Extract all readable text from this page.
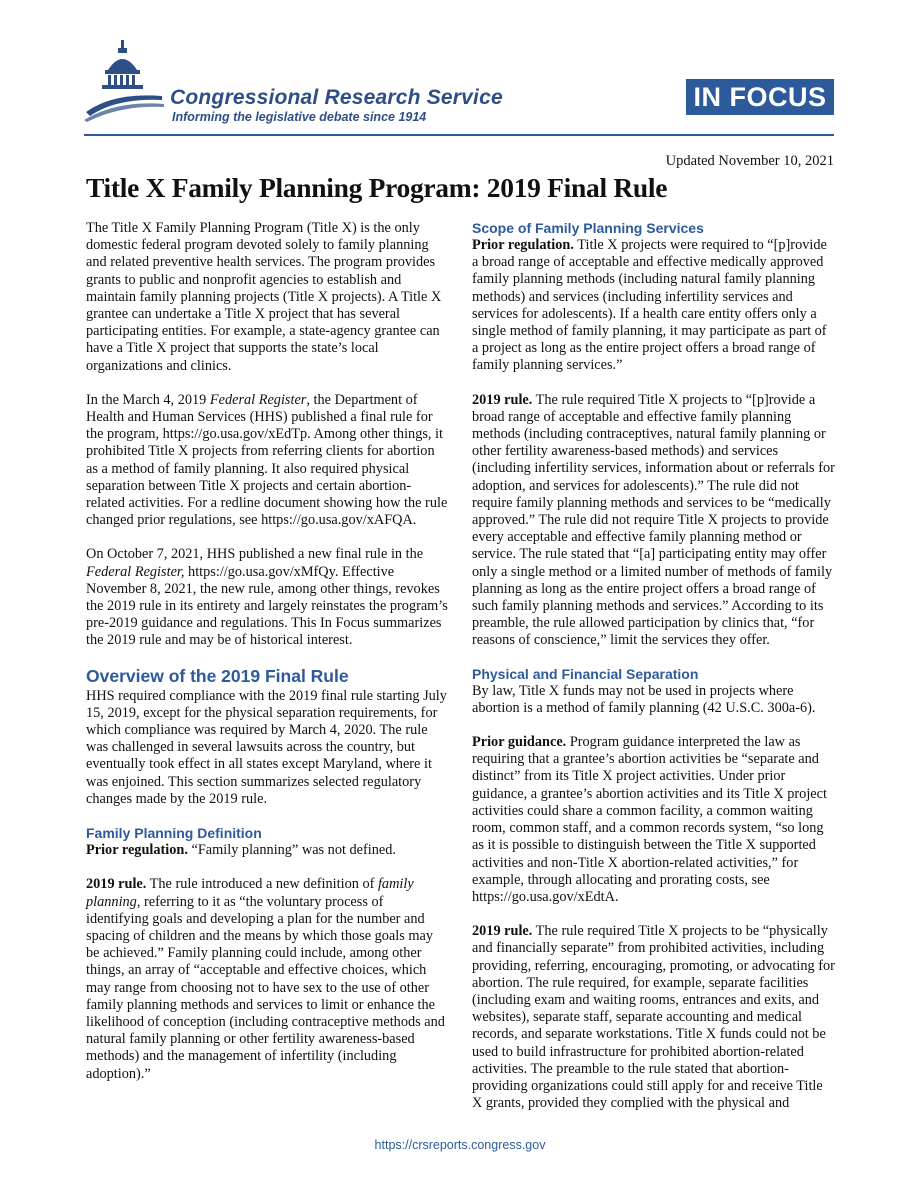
Congressional Research Service
Informing the legislative debate since 1914
IN FOCUS
Updated November 10, 2021
Title X Family Planning Program: 2019 Final Rule

The Title X Family Planning Program (Title X) is the only domestic federal program devoted solely to family planning and related preventive health services. The program provides grants to public and nonprofit agencies to establish and maintain family planning projects (Title X projects). A Title X grantee can undertake a Title X project that has several participating entities. For example, a state-agency grantee can have a Title X project that supports the state’s local organizations and clinics.

In the March 4, 2019 Federal Register, the Department of Health and Human Services (HHS) published a final rule for the program, https://go.usa.gov/xEdTp. Among other things, it prohibited Title X projects from referring clients for abortion as a method of family planning. It also required physical separation between Title X projects and certain abortion-related activities. For a redline document showing how the rule changed prior regulations, see https://go.usa.gov/xAFQA.

On October 7, 2021, HHS published a new final rule in the Federal Register, https://go.usa.gov/xMfQy. Effective November 8, 2021, the new rule, among other things, revokes the 2019 rule in its entirety and largely reinstates the program’s pre-2019 guidance and regulations. This In Focus summarizes the 2019 rule and may be of historical interest.

Overview of the 2019 Final Rule

HHS required compliance with the 2019 final rule starting July 15, 2019, except for the physical separation requirements, for which compliance was required by March 4, 2020. The rule was challenged in several lawsuits across the country, but eventually took effect in all states except Maryland, where it was enjoined. This section summarizes selected regulatory changes made by the 2019 rule.

Family Planning Definition

Prior regulation. “Family planning” was not defined.

2019 rule. The rule introduced a new definition of family planning, referring to it as “the voluntary process of identifying goals and developing a plan for the number and spacing of children and the means by which those goals may be achieved.” Family planning could include, among other things, an array of “acceptable and effective choices, which may range from choosing not to have sex to the use of other family planning methods and services to limit or enhance the likelihood of conception (including contraceptive methods and natural family planning or other fertility awareness-based methods) and the management of infertility (including adoption).”

Scope of Family Planning Services

Prior regulation. Title X projects were required to “[p]rovide a broad range of acceptable and effective medically approved family planning methods (including natural family planning methods) and services (including infertility services and services for adolescents). If a health care entity offers only a single method of family planning, it may participate as part of a project as long as the entire project offers a broad range of family planning services.”

2019 rule. The rule required Title X projects to “[p]rovide a broad range of acceptable and effective family planning methods (including contraceptives, natural family planning or other fertility awareness-based methods) and services (including infertility services, information about or referrals for adoption, and services for adolescents).” The rule did not require family planning methods and services to be “medically approved.” The rule did not require Title X projects to provide every acceptable and effective family planning method or service. The rule stated that “[a] participating entity may offer only a single method or a limited number of methods of family planning as long as the entire project offers a broad range of such family planning methods and services.” According to its preamble, the rule allowed participation by clinics that, “for reasons of conscience,” limit the services they offer.

Physical and Financial Separation

By law, Title X funds may not be used in projects where abortion is a method of family planning (42 U.S.C. 300a-6).

Prior guidance. Program guidance interpreted the law as requiring that a grantee’s abortion activities be “separate and distinct” from its Title X project activities. Under prior guidance, a grantee’s abortion activities and its Title X project activities could share a common facility, a common waiting room, common staff, and a common records system, “so long as it is possible to distinguish between the Title X supported activities and non-Title X abortion-related activities,” for example, through allocating and prorating costs, see https://go.usa.gov/xEdtA.

2019 rule. The rule required Title X projects to be “physically and financially separate” from prohibited activities, including providing, referring, encouraging, promoting, or advocating for abortion. The rule required, for example, separate facilities (including exam and waiting rooms, entrances and exits, and websites), separate staff, separate accounting and medical records, and separate workstations. Title X funds could not be used to build infrastructure for prohibited abortion-related activities. The preamble to the rule stated that abortion-providing organizations could still apply for and receive Title X grants, provided they complied with the physical and

https://crsreports.congress.gov
